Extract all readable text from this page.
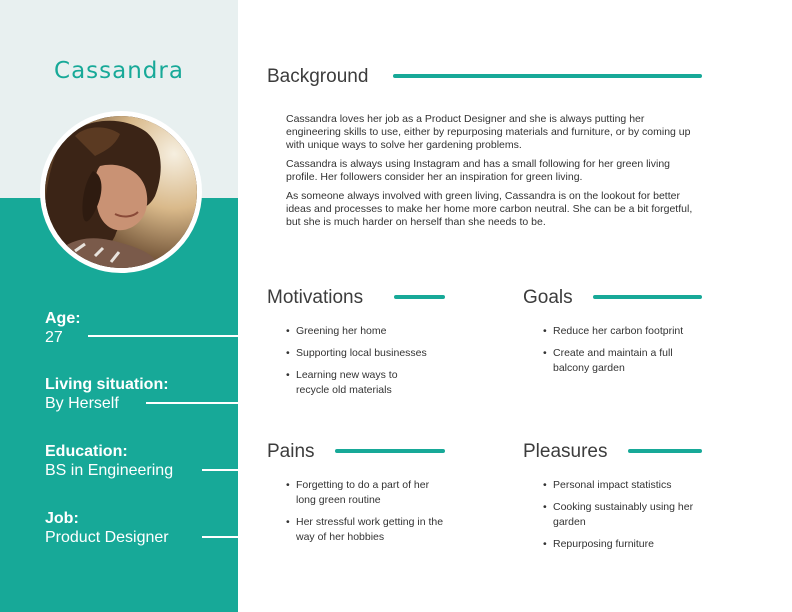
Cassandra
Age:
27
Living situation:
By Herself
Education:
BS in Engineering
Job:
Product Designer
Background

Cassandra loves her job as a Product Designer and she is always putting her engineering skills to use, either by repurposing materials and furniture, or by coming up with unique ways to solve her gardening problems.

Cassandra is always using Instagram and has a small following for her green living profile. Her followers consider her an inspiration for green living.

As someone always involved with green living, Cassandra is on the lookout for better ideas and processes to make her home more carbon neutral. She can be a bit forgetful, but she is much harder on herself than she needs to be.

Motivations
• Greening her home
• Supporting local businesses
• Learning new ways to recycle old materials
Goals
• Reduce her carbon footprint
• Create and maintain a full balcony garden
Pains
• Forgetting to do a part of her long green routine
• Her stressful work getting in the way of her hobbies
Pleasures
• Personal impact statistics
• Cooking sustainably using her garden
• Repurposing furniture
